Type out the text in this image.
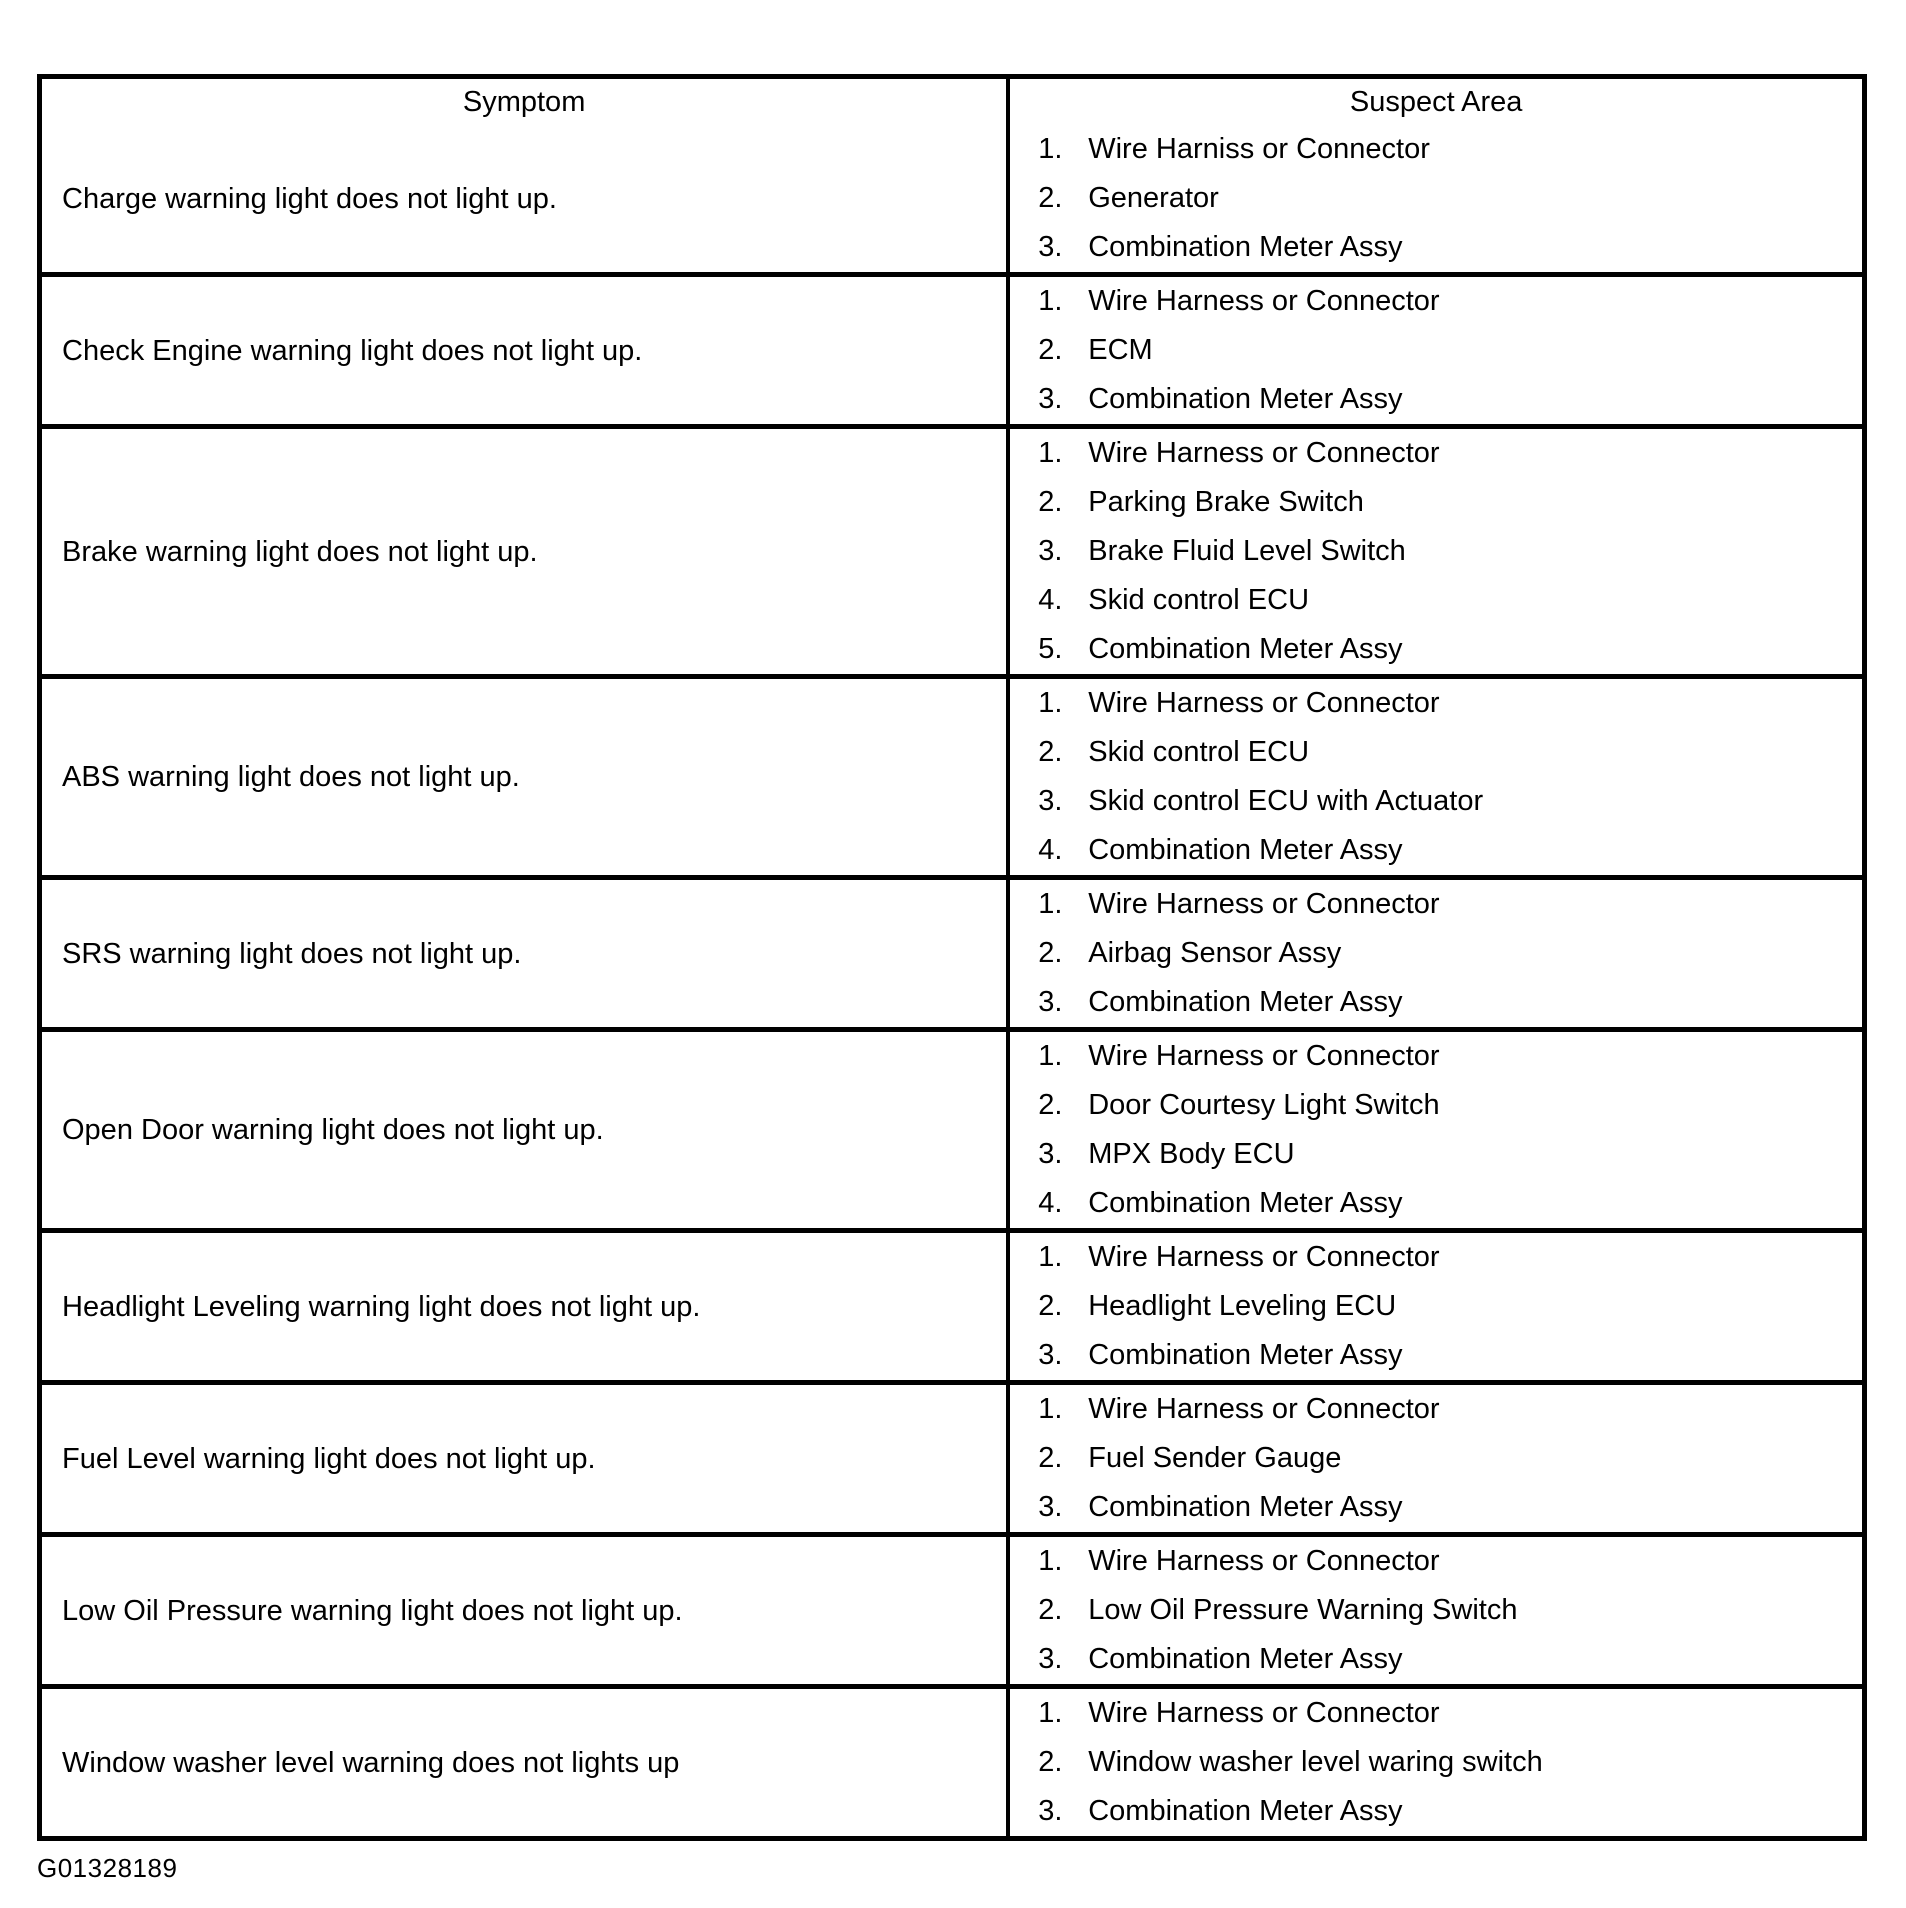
Symptom	Suspect Area
Charge warning light does not light up.
1. Wire Harniss or Connector
2. Generator
3. Combination Meter Assy
Check Engine warning light does not light up.
1. Wire Harness or Connector
2. ECM
3. Combination Meter Assy
Brake warning light does not light up.
1. Wire Harness or Connector
2. Parking Brake Switch
3. Brake Fluid Level Switch
4. Skid control ECU
5. Combination Meter Assy
ABS warning light does not light up.
1. Wire Harness or Connector
2. Skid control ECU
3. Skid control ECU with Actuator
4. Combination Meter Assy
SRS warning light does not light up.
1. Wire Harness or Connector
2. Airbag Sensor Assy
3. Combination Meter Assy
Open Door warning light does not light up.
1. Wire Harness or Connector
2. Door Courtesy Light Switch
3. MPX Body ECU
4. Combination Meter Assy
Headlight Leveling warning light does not light up.
1. Wire Harness or Connector
2. Headlight Leveling ECU
3. Combination Meter Assy
Fuel Level warning light does not light up.
1. Wire Harness or Connector
2. Fuel Sender Gauge
3. Combination Meter Assy
Low Oil Pressure warning light does not light up.
1. Wire Harness or Connector
2. Low Oil Pressure Warning Switch
3. Combination Meter Assy
Window washer level warning does not lights up
1. Wire Harness or Connector
2. Window washer level waring switch
3. Combination Meter Assy
G01328189
